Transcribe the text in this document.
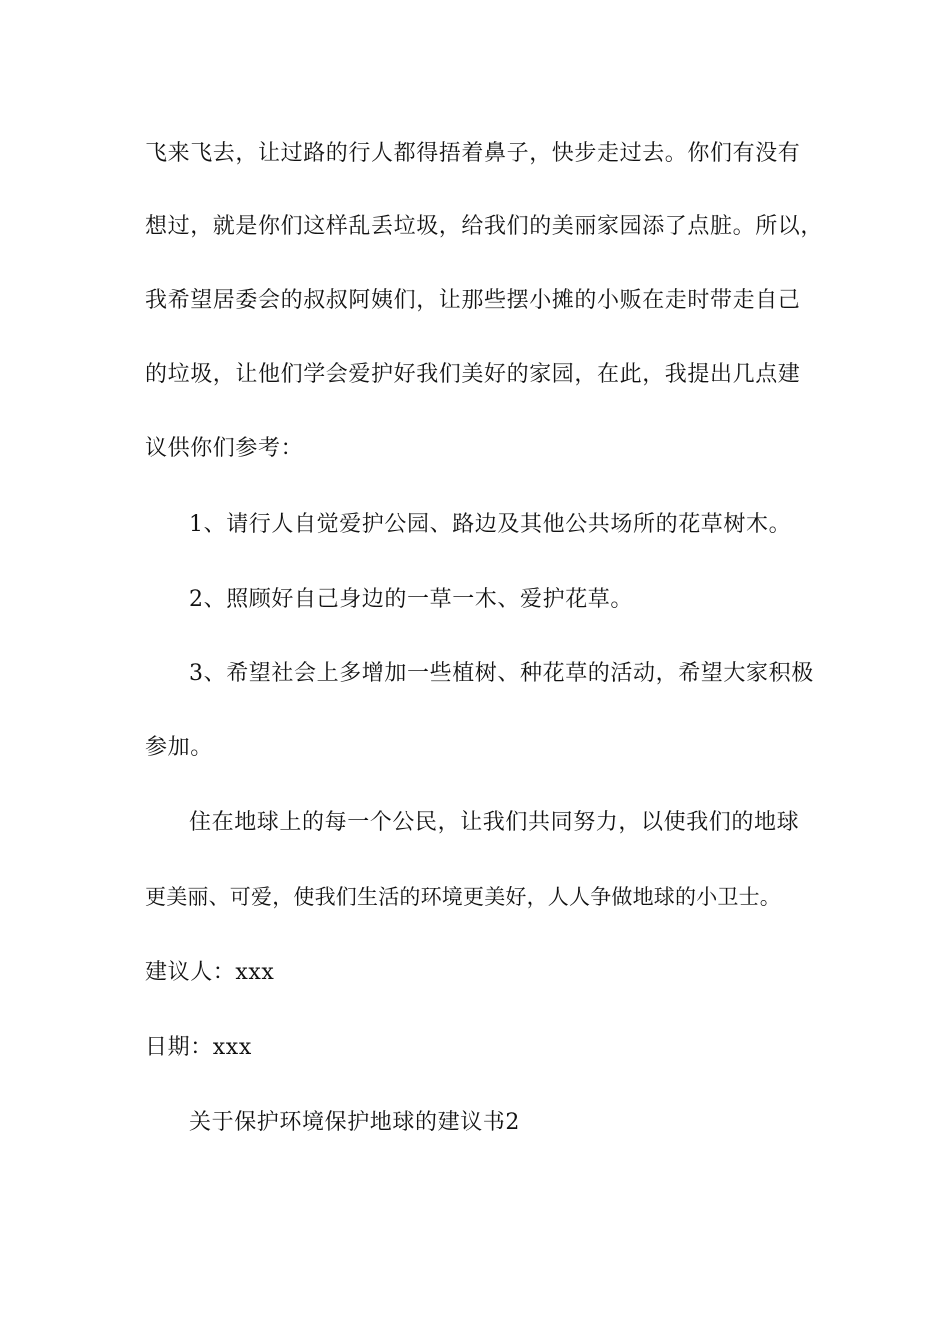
飞来飞去，让过路的行人都得捂着鼻子，快步走过去。你们有没有
想过，就是你们这样乱丢垃圾，给我们的美丽家园添了点脏。所以，
我希望居委会的叔叔阿姨们，让那些摆小摊的小贩在走时带走自己
的垃圾，让他们学会爱护好我们美好的家园，在此，我提出几点建
议供你们参考：
1、请行人自觉爱护公园、路边及其他公共场所的花草树木。
2、照顾好自己身边的一草一木、爱护花草。
3、希望社会上多增加一些植树、种花草的活动，希望大家积极
参加。
住在地球上的每一个公民，让我们共同努力，以使我们的地球
更美丽、可爱，使我们生活的环境更美好，人人争做地球的小卫士。
建议人：xxx
日期：xxx
关于保护环境保护地球的建议书2
